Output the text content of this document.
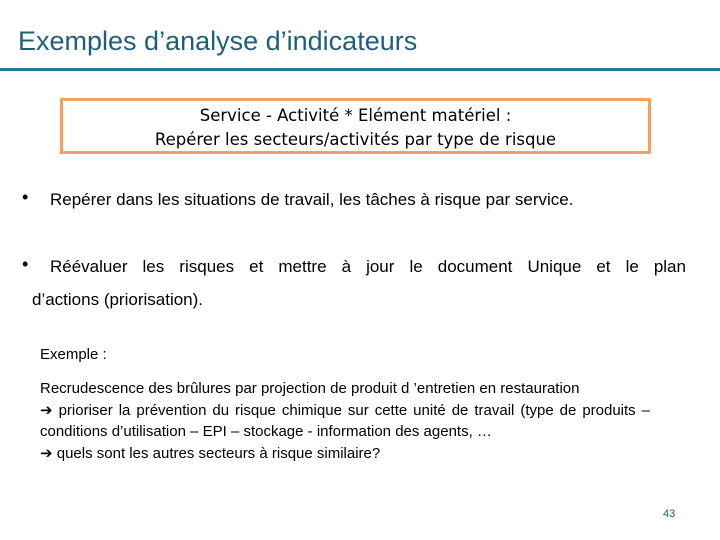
Exemples d’analyse d’indicateurs
Service - Activité * Elément matériel :
Repérer les secteurs/activités par type de risque
• Repérer dans les situations de travail, les tâches à risque par service.
• Réévaluer les risques et mettre à jour le document Unique et le plan
d’actions (priorisation).
Exemple :
Recrudescence des brûlures par projection de produit d ’entretien en restauration
➔ prioriser la prévention du risque chimique sur cette unité de travail (type de produits – conditions d’utilisation – EPI – stockage - information des agents, …
➔ quels sont les autres secteurs à risque similaire?
43
